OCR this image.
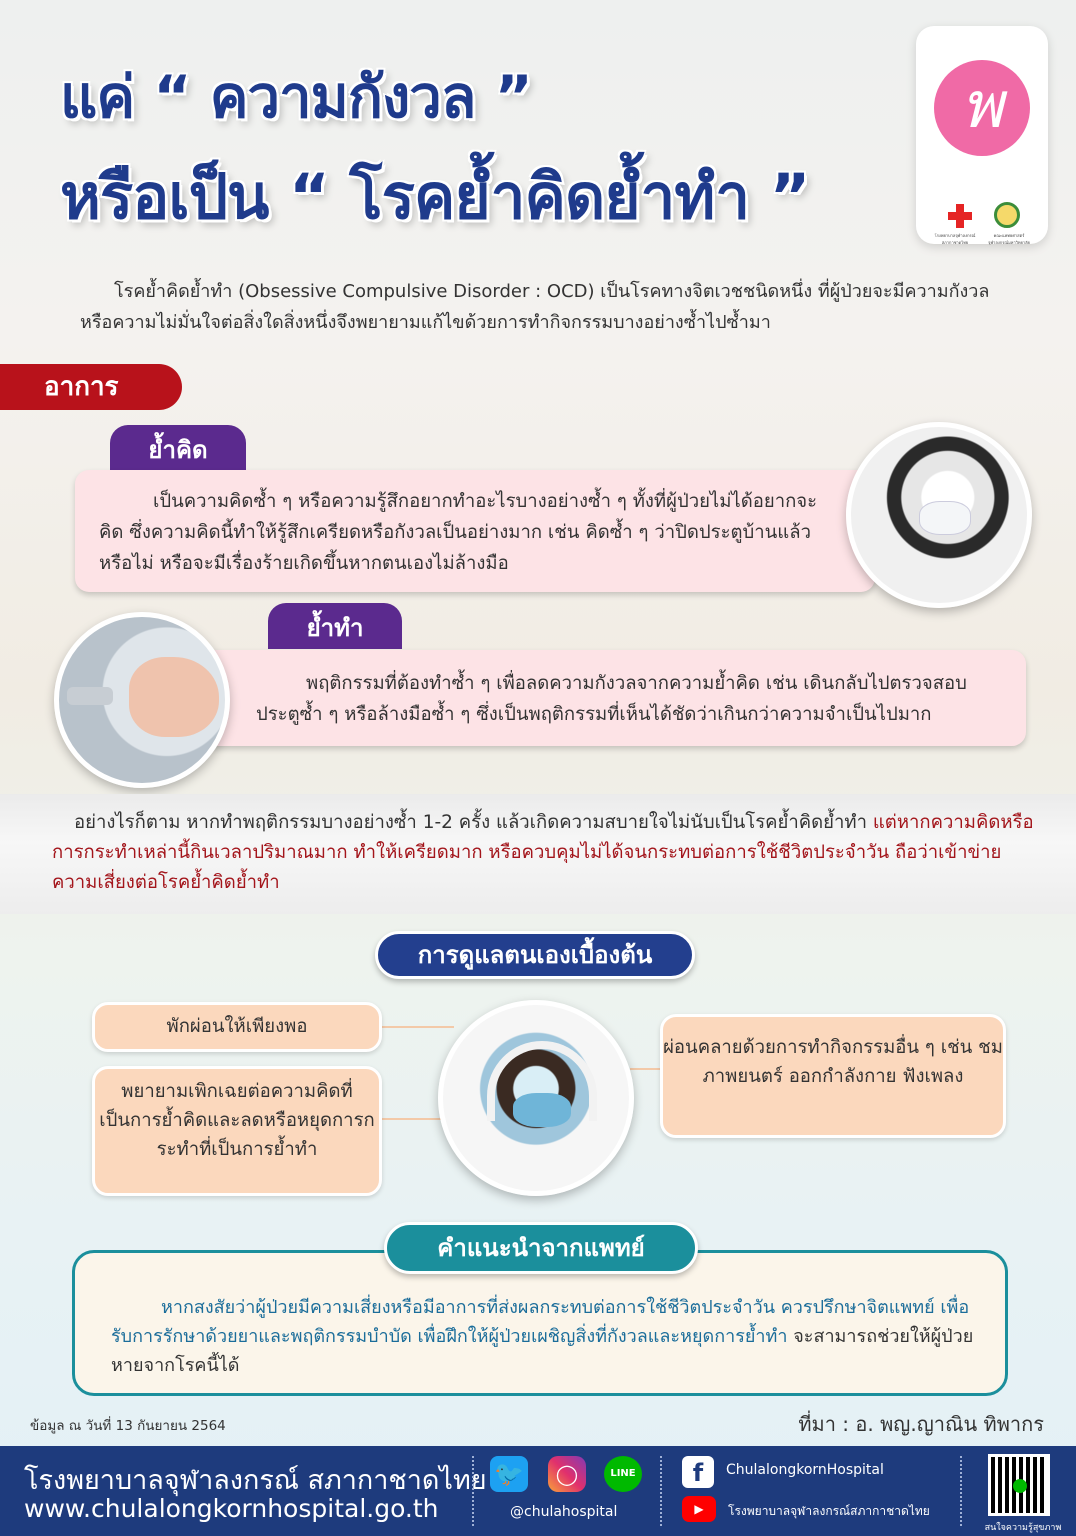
แค่ “ ความกังวล ”
หรือเป็น “ โรคย้ำคิดย้ำทำ ”
พ
โรงพยาบาลจุฬาลงกรณ์ สภากาชาดไทย
คณะแพทยศาสตร์ จุฬาลงกรณ์มหาวิทยาลัย

โรคย้ำคิดย้ำทำ (Obsessive Compulsive Disorder : OCD) เป็นโรคทางจิตเวชชนิดหนึ่ง ที่ผู้ป่วยจะมีความกังวลหรือความไม่มั่นใจต่อสิ่งใดสิ่งหนึ่งจึงพยายามแก้ไขด้วยการทำกิจกรรมบางอย่างซ้ำไปซ้ำมา

อาการ
ย้ำคิด
เป็นความคิดซ้ำ ๆ หรือความรู้สึกอยากทำอะไรบางอย่างซ้ำ ๆ ทั้งที่ผู้ป่วยไม่ได้อยากจะคิด ซึ่งความคิดนี้ทำให้รู้สึกเครียดหรือกังวลเป็นอย่างมาก เช่น คิดซ้ำ ๆ ว่าปิดประตูบ้านแล้วหรือไม่ หรือจะมีเรื่องร้ายเกิดขึ้นหากตนเองไม่ล้างมือ
ย้ำทำ
พฤติกรรมที่ต้องทำซ้ำ ๆ เพื่อลดความกังวลจากความย้ำคิด เช่น เดินกลับไปตรวจสอบประตูซ้ำ ๆ หรือล้างมือซ้ำ ๆ ซึ่งเป็นพฤติกรรมที่เห็นได้ชัดว่าเกินกว่าความจำเป็นไปมาก
อย่างไรก็ตาม หากทำพฤติกรรมบางอย่างซ้ำ 1-2 ครั้ง แล้วเกิดความสบายใจไม่นับเป็นโรคย้ำคิดย้ำทำ แต่หากความคิดหรือการกระทำเหล่านี้กินเวลาปริมาณมาก ทำให้เครียดมาก หรือควบคุมไม่ได้จนกระทบต่อการใช้ชีวิตประจำวัน ถือว่าเข้าข่ายความเสี่ยงต่อโรคย้ำคิดย้ำทำ
การดูแลตนเองเบื้องต้น
พักผ่อนให้เพียงพอ
พยายามเพิกเฉยต่อความคิดที่เป็นการย้ำคิดและลดหรือหยุดการกระทำที่เป็นการย้ำทำ
ผ่อนคลายด้วยการทำกิจกรรมอื่น ๆ เช่น ชมภาพยนตร์ ออกกำลังกาย ฟังเพลง
คำแนะนำจากแพทย์
หากสงสัยว่าผู้ป่วยมีความเสี่ยงหรือมีอาการที่ส่งผลกระทบต่อการใช้ชีวิตประจำวัน ควรปรึกษาจิตแพทย์ เพื่อรับการรักษาด้วยยาและพฤติกรรมบำบัด เพื่อฝึกให้ผู้ป่วยเผชิญสิ่งที่กังวลและหยุดการย้ำทำ จะสามารถช่วยให้ผู้ป่วยหายจากโรคนี้ได้
ข้อมูล ณ วันที่ 13 กันยายน 2564	ที่มา : อ. พญ.ญาณิน ทิพากร
โรงพยาบาลจุฬาลงกรณ์ สภากาชาดไทย
www.chulalongkornhospital.go.th
🐦	◯	LINE
@chulahospital
f	ChulalongkornHospital
▶	โรงพยาบาลจุฬาลงกรณ์สภากาชาดไทย
สนใจความรู้สุขภาพ
